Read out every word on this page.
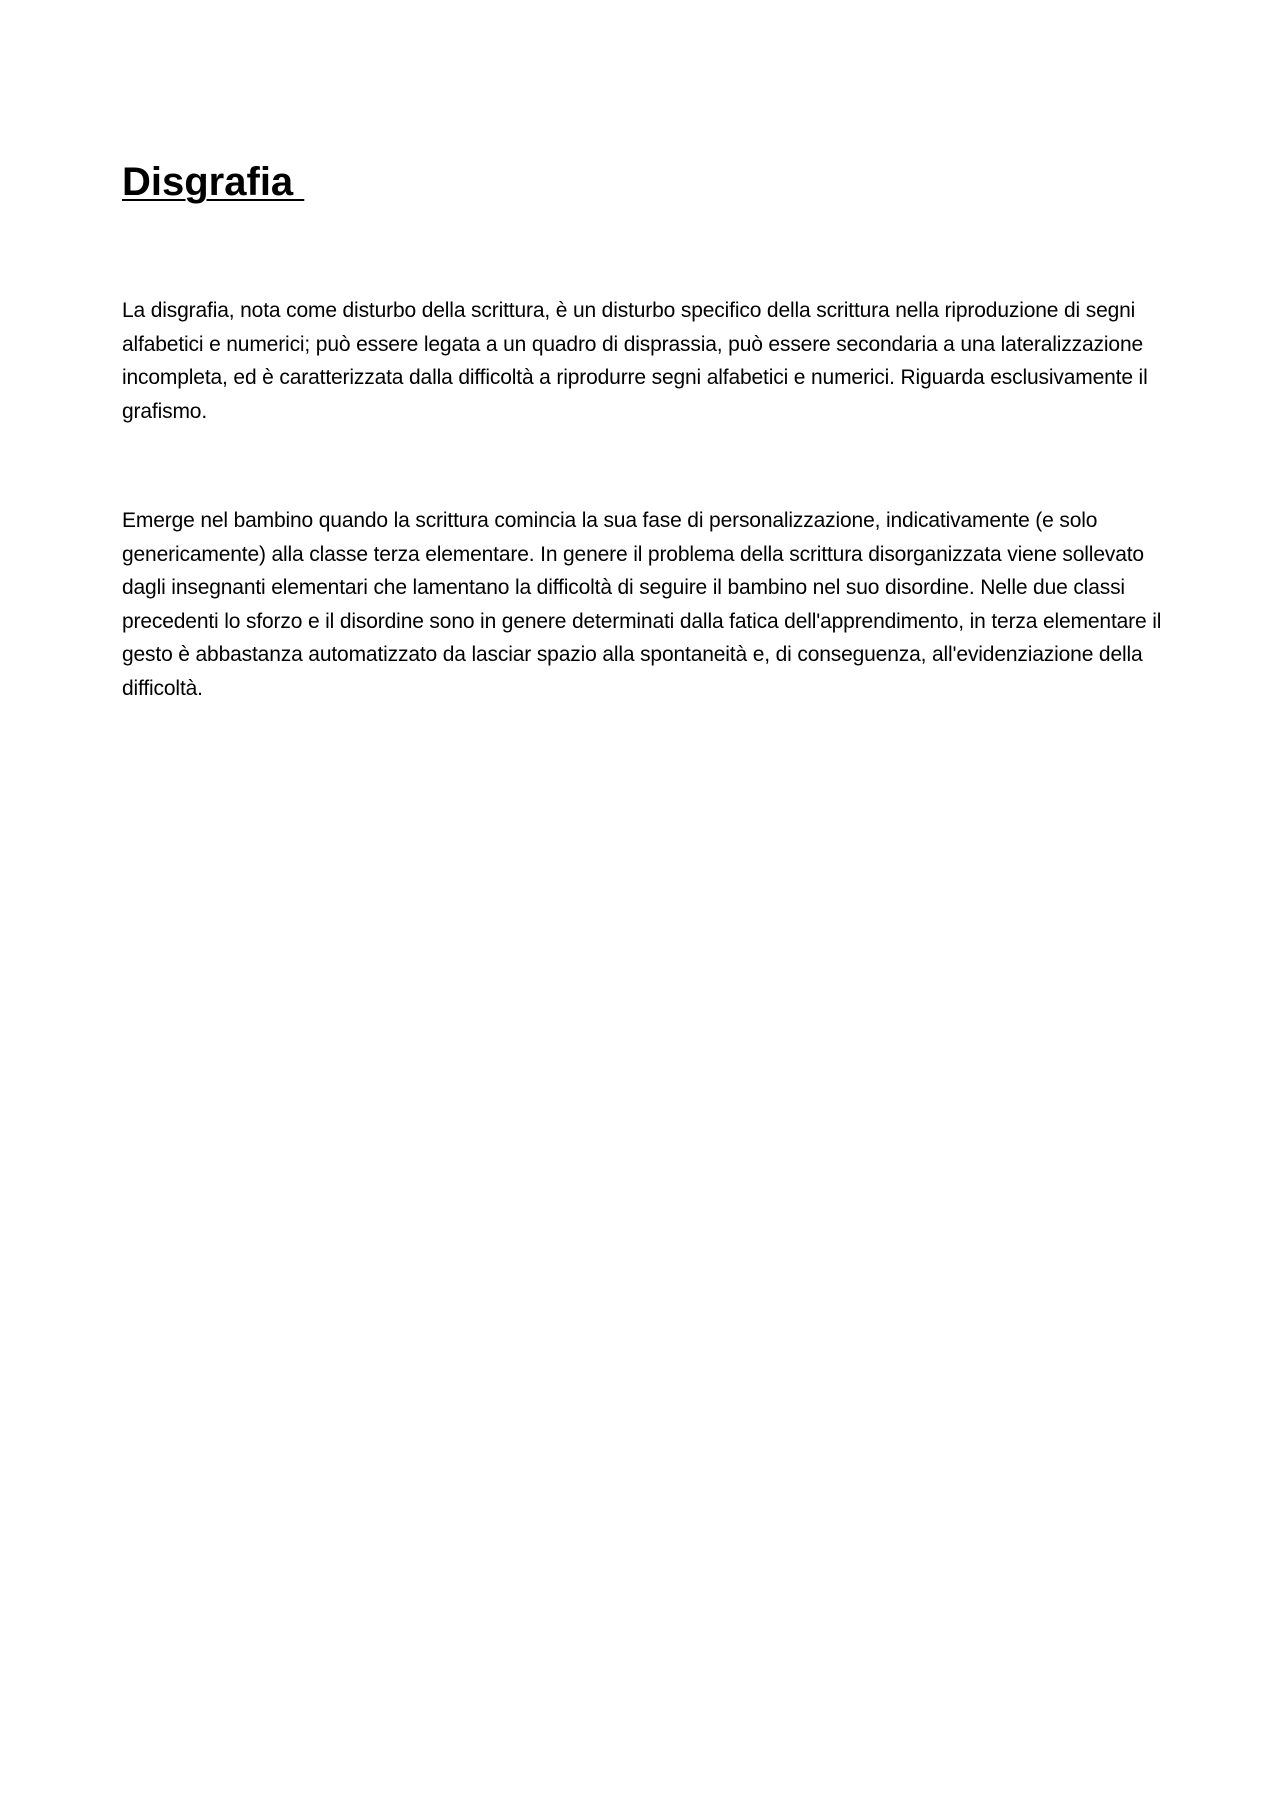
Disgrafia

La disgrafia, nota come disturbo della scrittura, è un disturbo specifico della scrittura nella riproduzione di segni alfabetici e numerici; può essere legata a un quadro di disprassia, può essere secondaria a una lateralizzazione incompleta, ed è caratterizzata dalla difficoltà a riprodurre segni alfabetici e numerici. Riguarda esclusivamente il grafismo.

Emerge nel bambino quando la scrittura comincia la sua fase di personalizzazione, indicativamente (e solo genericamente) alla classe terza elementare. In genere il problema della scrittura disorganizzata viene sollevato dagli insegnanti elementari che lamentano la difficoltà di seguire il bambino nel suo disordine. Nelle due classi precedenti lo sforzo e il disordine sono in genere determinati dalla fatica dell'apprendimento, in terza elementare il gesto è abbastanza automatizzato da lasciar spazio alla spontaneità e, di conseguenza, all'evidenziazione della difficoltà.
